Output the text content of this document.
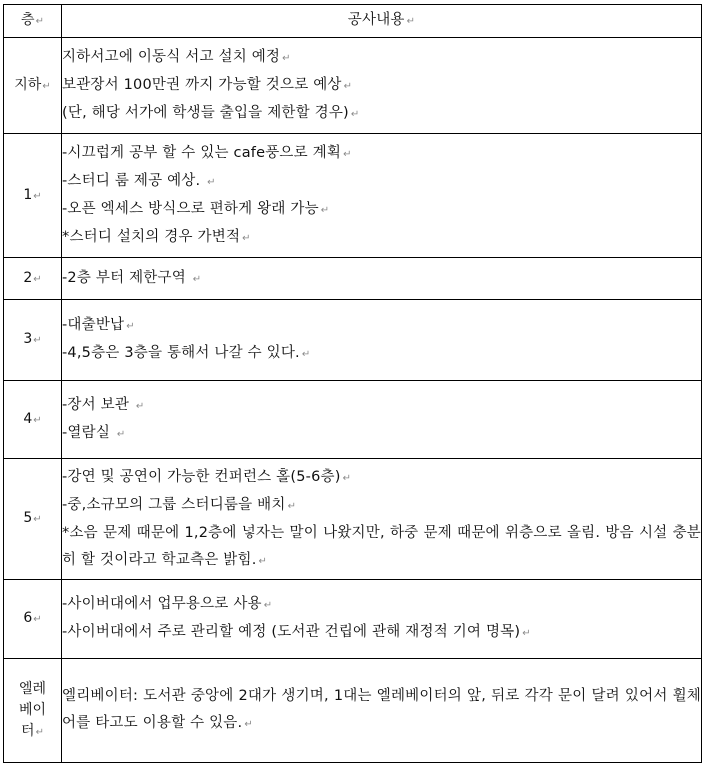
층 ↵	공사내용 ↵
지하 ↵	지하서고에 이동식 서고 설치 예정 ↵
보관장서 100만권 까지 가능할 것으로 예상 ↵
(단, 해당 서가에 학생들 출입을 제한할 경우) ↵

1 ↵	-시끄럽게 공부 할 수 있는 cafe풍으로 계획 ↵
-스터디 룸 제공 예상. ↵
-오픈 엑세스 방식으로 편하게 왕래 가능 ↵
*스터디 설치의 경우 가변적 ↵

2 ↵	-2층 부터 제한구역 ↵

3 ↵	-대출반납 ↵
-4,5층은 3층을 통해서 나갈 수 있다. ↵

4 ↵	-장서 보관 ↵
-열람실 ↵

5 ↵	-강연 및 공연이 가능한 컨퍼런스 홀(5-6층) ↵
-중,소규모의 그룹 스터디룸을 배치 ↵
*소음 문제 때문에 1,2층에 넣자는 말이 나왔지만, 하중 문제 때문에 위층으로 올림. 방음 시설 충분히 할 것이라고 학교측은 밝힘. ↵

6 ↵	-사이버대에서 업무용으로 사용 ↵
-사이버대에서 주로 관리할 예정 (도서관 건립에 관해 재정적 기여 명목) ↵

엘레
베이
터 ↵	엘리베이터: 도서관 중앙에 2대가 생기며, 1대는 엘레베이터의 앞, 뒤로 각각 문이 달려 있어서 휠체어를 타고도 이용할 수 있음. ↵
